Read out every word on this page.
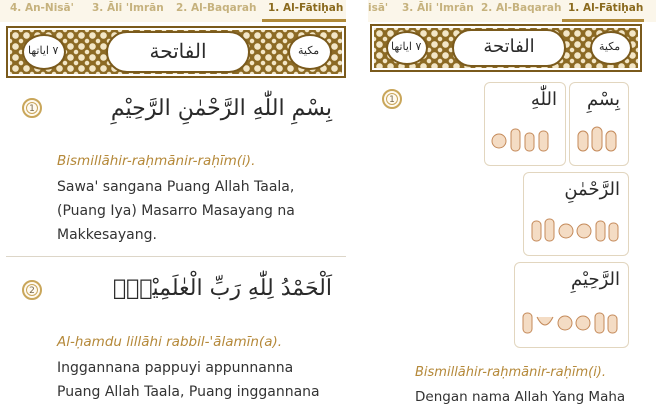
4. An-Nisā' 3. Āli 'Imrān 2. Al-Baqarah 1. Al-Fātiḥah
٧ اياتها	الفاتحة	مكية
1	بِسْمِ اللّٰهِ الرَّحْمٰنِ الرَّحِيْمِ
Bismillāhir-raḥmānir-raḥīm(i).
Sawa' sangana Puang Allah Taala,
(Puang Iya) Masarro Masayang na
Makkesayang.
2	اَلْحَمْدُ لِلّٰهِ رَبِّ الْعٰلَمِيْنَۙ
Al-ḥamdu lillāhi rabbil-'ālamīn(a).
Inggannana pappuyi appunnanna
Puang Allah Taala, Puang inggannana
isā' 3. Āli 'Imrān 2. Al-Baqarah 1. Al-Fātiḥah
٧ اياتها	الفاتحة	مكية
1	بِسْمِ
اللّٰهِ
الرَّحْمٰنِ
الرَّحِيْمِ
Bismillāhir-raḥmānir-raḥīm(i).
Dengan nama Allah Yang Maha
